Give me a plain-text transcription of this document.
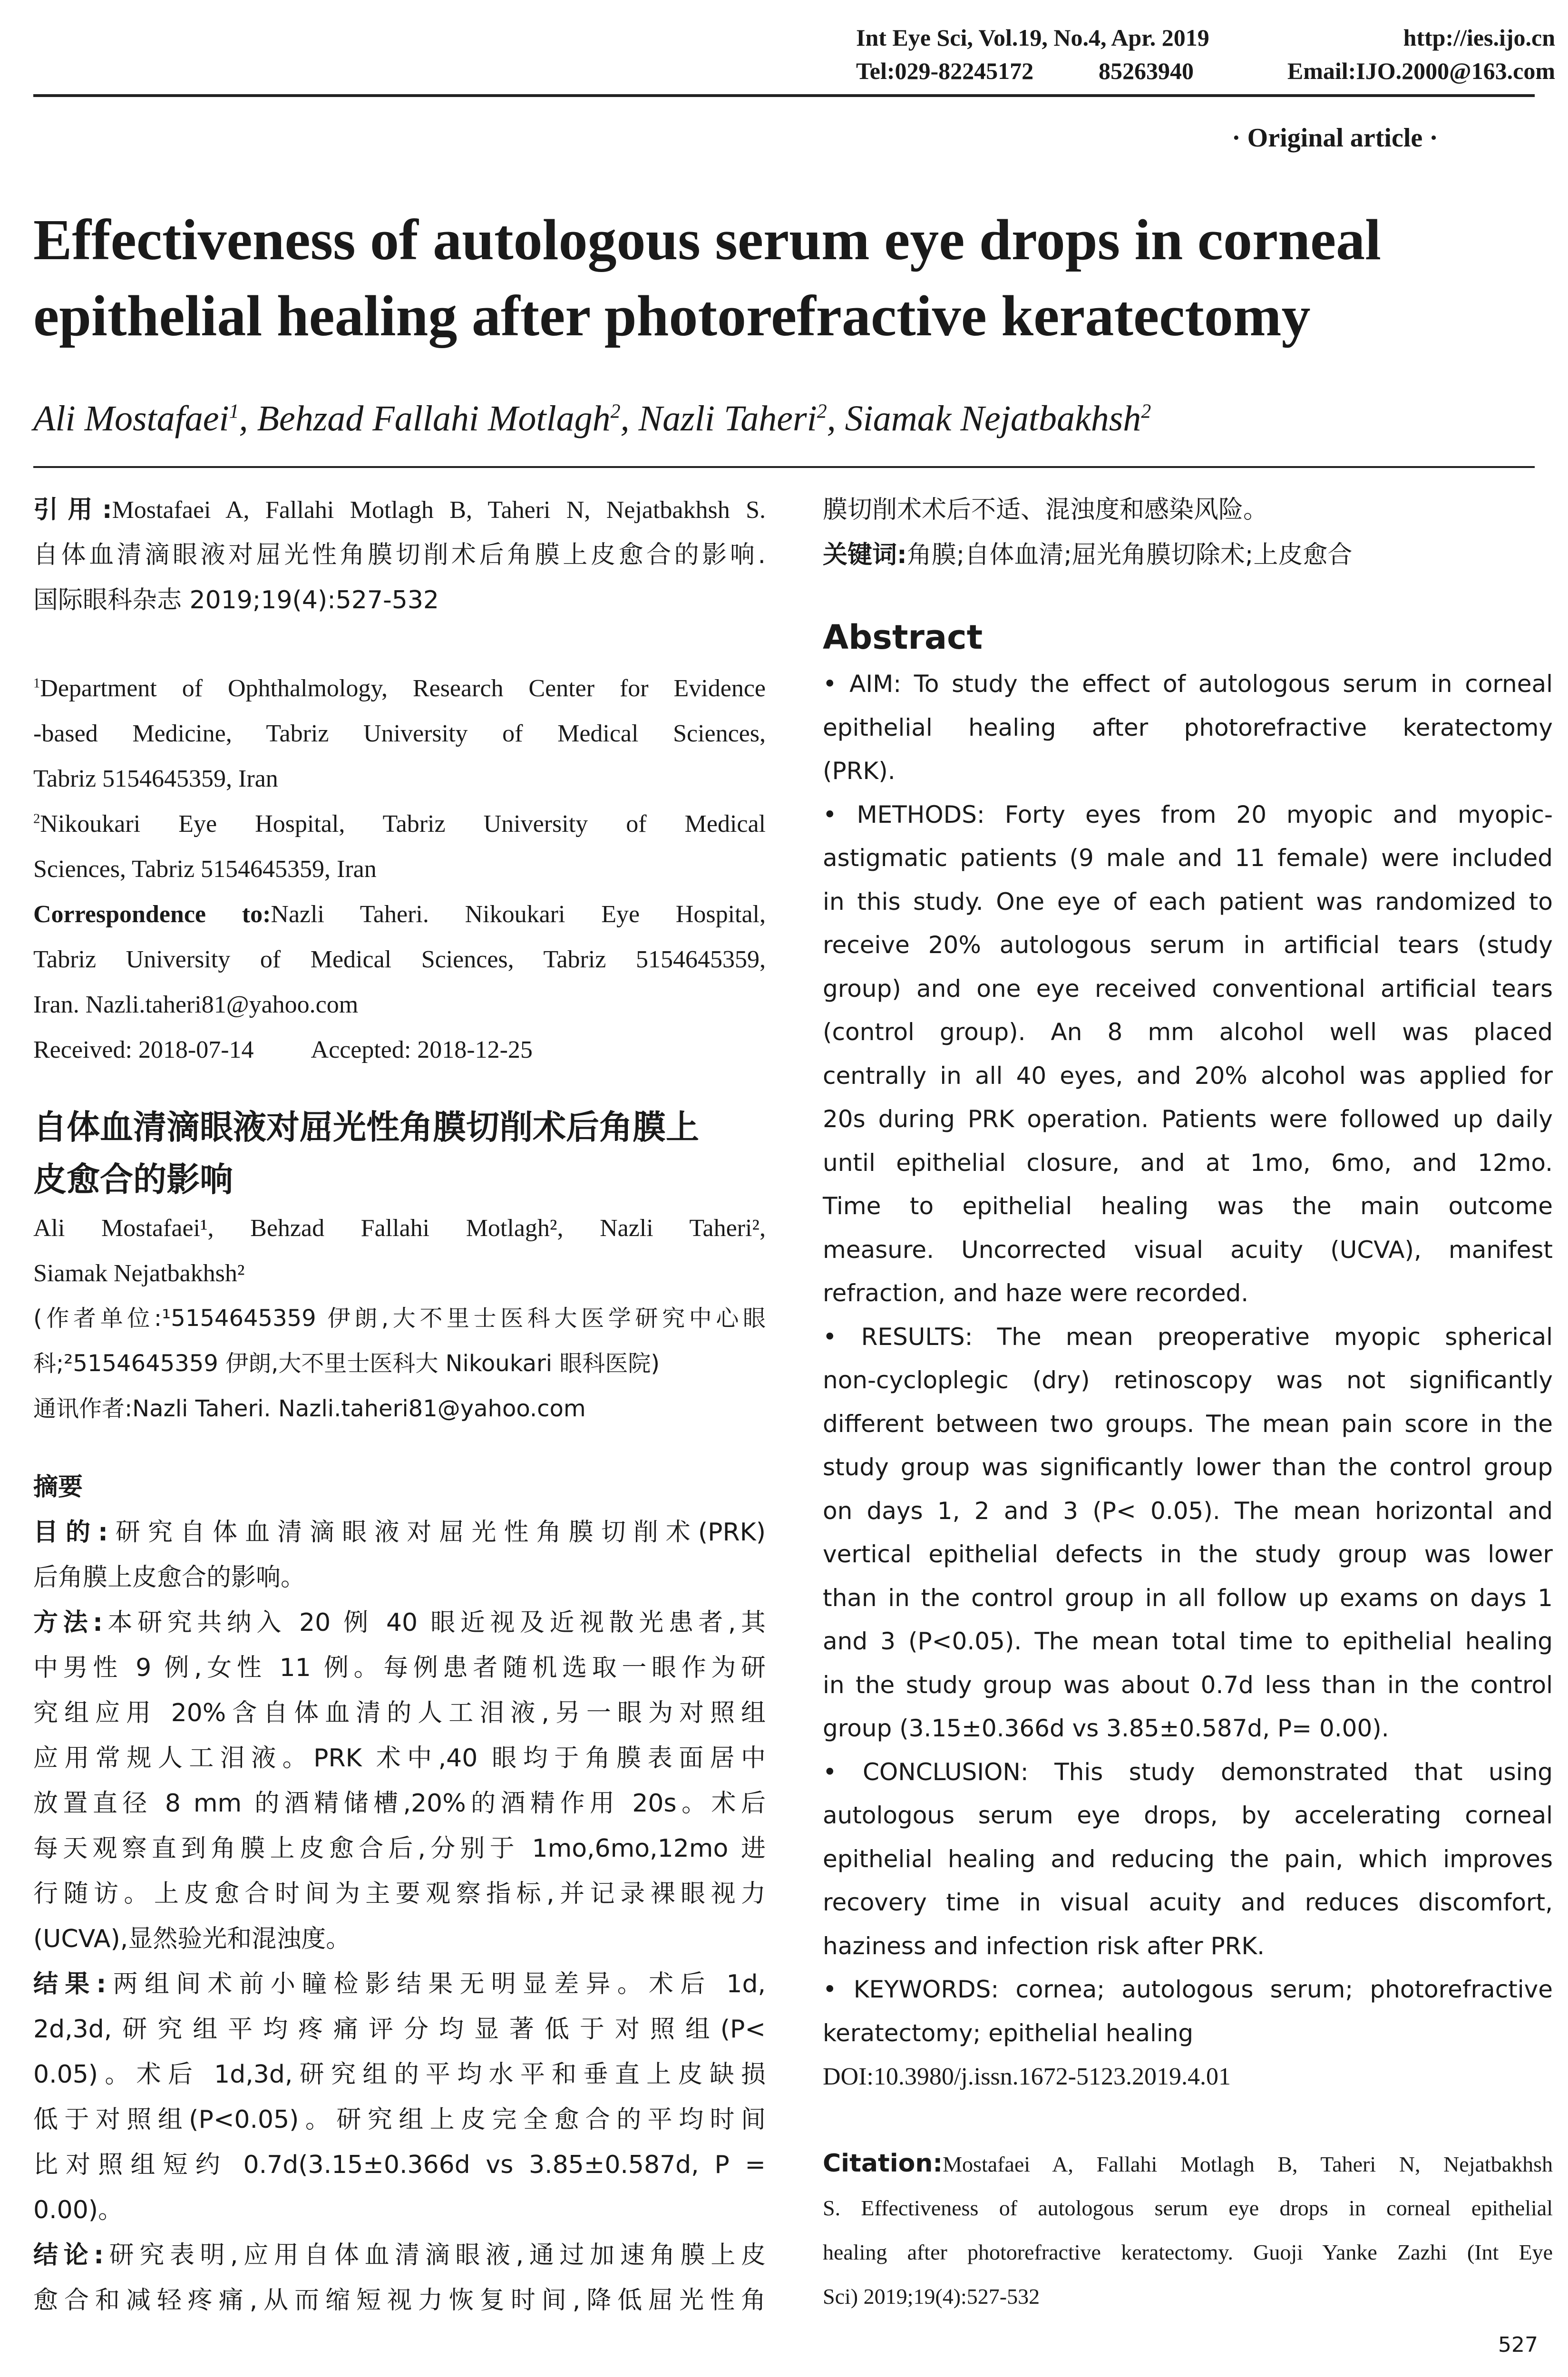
Int Eye Sci, Vol.19, No.4, Apr. 2019	http://ies.ijo.cn
Tel:029-82245172	85263940	Email:IJO.2000@163.com
· Original article ·
Effectiveness of autologous serum eye drops in corneal
epithelial healing after photorefractive keratectomy
Ali Mostafaei$^1$, Behzad Fallahi Motlagh$^2$, Nazli Taheri$^2$, Siamak Nejatbakhsh$^2$
引用:Mostafaei A, Fallahi Motlagh B, Taheri N, Nejatbakhsh S.
自体血清滴眼液对屈光性角膜切削术后角膜上皮愈合的影响.
国际眼科杂志 2019;19(4):527-532
$^1$Department of Ophthalmology, Research Center for Evidence
-based Medicine, Tabriz University of Medical Sciences,
Tabriz 5154645359, Iran
$^2$Nikoukari Eye Hospital, Tabriz University of Medical
Sciences, Tabriz 5154645359, Iran
Correspondence to:Nazli Taheri. Nikoukari Eye Hospital,
Tabriz University of Medical Sciences, Tabriz 5154645359,
Iran. Nazli.taheri81@yahoo.com
Received: 2018-07-14 Accepted: 2018-12-25
自体血清滴眼液对屈光性角膜切削术后角膜上
皮愈合的影响
Ali Mostafaei¹, Behzad Fallahi Motlagh², Nazli Taheri²,
Siamak Nejatbakhsh²
(作者单位:¹5154645359 伊朗,大不里士医科大医学研究中心眼
科;²5154645359 伊朗,大不里士医科大 Nikoukari 眼科医院)
通讯作者:Nazli Taheri. Nazli.taheri81@yahoo.com
摘要
目的:研究自体血清滴眼液对屈光性角膜切削术(PRK)
后角膜上皮愈合的影响。
方法:本研究共纳入 20 例 40 眼近视及近视散光患者,其
中男性 9 例,女性 11 例。每例患者随机选取一眼作为研
究组应用 20%含自体血清的人工泪液,另一眼为对照组
应用常规人工泪液。PRK 术中,40 眼均于角膜表面居中
放置直径 8 mm 的酒精储槽,20%的酒精作用 20s。术后
每天观察直到角膜上皮愈合后,分别于 1mo,6mo,12mo 进
行随访。上皮愈合时间为主要观察指标,并记录裸眼视力
(UCVA),显然验光和混浊度。
结果:两组间术前小瞳检影结果无明显差异。术后 1d,
2d,3d,研究组平均疼痛评分均显著低于对照组(P<
0.05)。术后 1d,3d,研究组的平均水平和垂直上皮缺损
低于对照组(P<0.05)。研究组上皮完全愈合的平均时间
比对照组短约 0.7d(3.15±0.366d vs 3.85±0.587d, P =
0.00)。
结论:研究表明,应用自体血清滴眼液,通过加速角膜上皮
愈合和减轻疼痛,从而缩短视力恢复时间,降低屈光性角
膜切削术术后不适、混浊度和感染风险。
关键词:角膜;自体血清;屈光角膜切除术;上皮愈合
Abstract
• AIM: To study the effect of autologous serum in corneal
epithelial healing after photorefractive keratectomy
(PRK).
• METHODS: Forty eyes from 20 myopic and myopic-
astigmatic patients (9 male and 11 female) were included
in this study. One eye of each patient was randomized to
receive 20% autologous serum in artificial tears (study
group) and one eye received conventional artificial tears
(control group). An 8 mm alcohol well was placed
centrally in all 40 eyes, and 20% alcohol was applied for
20s during PRK operation. Patients were followed up daily
until epithelial closure, and at 1mo, 6mo, and 12mo.
Time to epithelial healing was the main outcome
measure. Uncorrected visual acuity (UCVA), manifest
refraction, and haze were recorded.
• RESULTS: The mean preoperative myopic spherical
non-cycloplegic (dry) retinoscopy was not significantly
different between two groups. The mean pain score in the
study group was significantly lower than the control group
on days 1, 2 and 3 (P< 0.05). The mean horizontal and
vertical epithelial defects in the study group was lower
than in the control group in all follow up exams on days 1
and 3 (P<0.05). The mean total time to epithelial healing
in the study group was about 0.7d less than in the control
group (3.15±0.366d vs 3.85±0.587d, P= 0.00).
• CONCLUSION: This study demonstrated that using
autologous serum eye drops, by accelerating corneal
epithelial healing and reducing the pain, which improves
recovery time in visual acuity and reduces discomfort,
haziness and infection risk after PRK.
• KEYWORDS: cornea; autologous serum; photorefractive
keratectomy; epithelial healing
DOI:10.3980/j.issn.1672-5123.2019.4.01
Citation:Mostafaei A, Fallahi Motlagh B, Taheri N, Nejatbakhsh
S. Effectiveness of autologous serum eye drops in corneal epithelial
healing after photorefractive keratectomy. Guoji Yanke Zazhi (Int Eye
Sci) 2019;19(4):527-532
527
